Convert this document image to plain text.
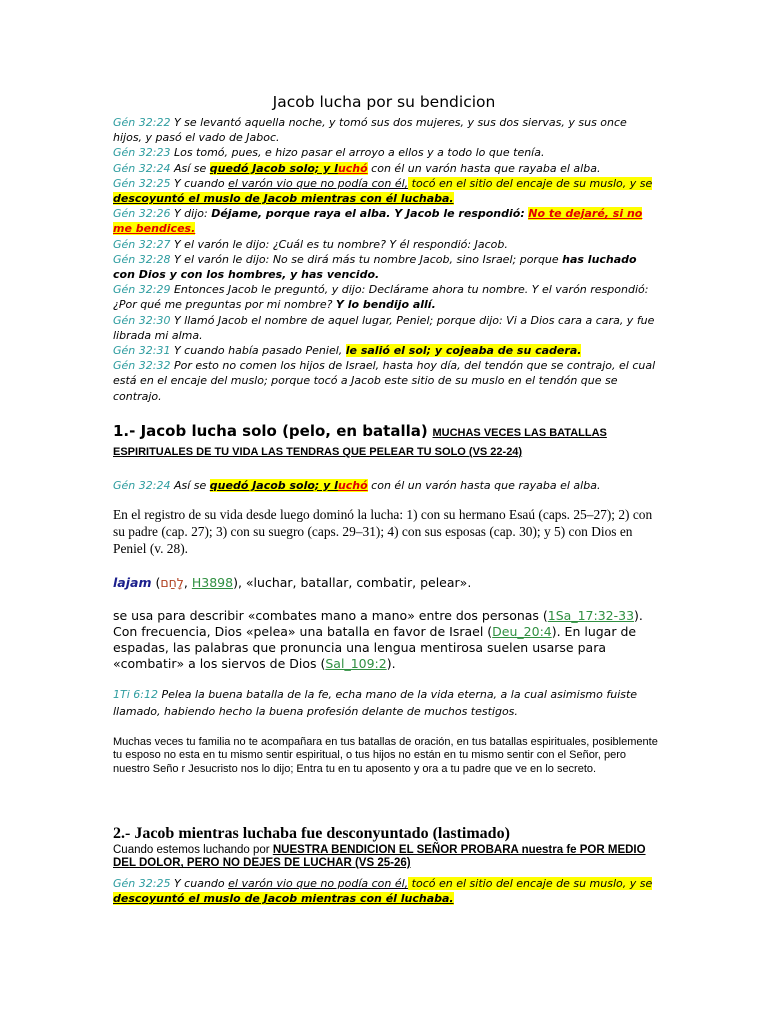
Jacob lucha por su bendicion

Gén 32:22 Y se levantó aquella noche, y tomó sus dos mujeres, y sus dos siervas, y sus once hijos, y pasó el vado de Jaboc.

Gén 32:23 Los tomó, pues, e hizo pasar el arroyo a ellos y a todo lo que tenía.

Gén 32:24 Así se quedó Jacob solo; y luchó con él un varón hasta que rayaba el alba.

Gén 32:25 Y cuando el varón vio que no podía con él, tocó en el sitio del encaje de su muslo, y se descoyuntó el muslo de Jacob mientras con él luchaba.

Gén 32:26 Y dijo: Déjame, porque raya el alba. Y Jacob le respondió: No te dejaré, si no me bendices.

Gén 32:27 Y el varón le dijo: ¿Cuál es tu nombre? Y él respondió: Jacob.

Gén 32:28 Y el varón le dijo: No se dirá más tu nombre Jacob, sino Israel; porque has luchado con Dios y con los hombres, y has vencido.

Gén 32:29 Entonces Jacob le preguntó, y dijo: Declárame ahora tu nombre. Y el varón respondió: ¿Por qué me preguntas por mi nombre? Y lo bendijo allí.

Gén 32:30 Y llamó Jacob el nombre de aquel lugar, Peniel; porque dijo: Vi a Dios cara a cara, y fue librada mi alma.

Gén 32:31 Y cuando había pasado Peniel, le salió el sol; y cojeaba de su cadera.

Gén 32:32 Por esto no comen los hijos de Israel, hasta hoy día, del tendón que se contrajo, el cual está en el encaje del muslo; porque tocó a Jacob este sitio de su muslo en el tendón que se contrajo.

1.- Jacob lucha solo (pelo, en batalla) MUCHAS VECES LAS BATALLAS ESPIRITUALES DE TU VIDA LAS TENDRAS QUE PELEAR TU SOLO (VS 22-24)

Gén 32:24 Así se quedó Jacob solo; y luchó con él un varón hasta que rayaba el alba.

En el registro de su vida desde luego dominó la lucha: 1) con su hermano Esaú (caps. 25–27); 2) con su padre (cap. 27); 3) con su suegro (caps. 29–31); 4) con sus esposas (cap. 30); y 5) con Dios en Peniel (v. 28).

lajam (לָחַם, H3898), «luchar, batallar, combatir, pelear».

se usa para describir «combates mano a mano» entre dos personas (1Sa_17:32-33). Con frecuencia, Dios «pelea» una batalla en favor de Israel (Deu_20:4). En lugar de espadas, las palabras que pronuncia una lengua mentirosa suelen usarse para «combatir» a los siervos de Dios (Sal_109:2).

1Ti 6:12 Pelea la buena batalla de la fe, echa mano de la vida eterna, a la cual asimismo fuiste llamado, habiendo hecho la buena profesión delante de muchos testigos.

Muchas veces tu familia no te acompañara en tus batallas de oración, en tus batallas espirituales, posiblemente tu esposo no esta en tu mismo sentir espiritual, o tus hijos no están en tu mismo sentir con el Señor, pero nuestro Seño r Jesucristo nos lo dijo; Entra tu en tu aposento y ora a tu padre que ve en lo secreto.

2.- Jacob mientras luchaba fue desconyuntado (lastimado)

Cuando estemos luchando por NUESTRA BENDICION EL SEÑOR PROBARA nuestra fe POR MEDIO DEL DOLOR, PERO NO DEJES DE LUCHAR (VS 25-26)

Gén 32:25 Y cuando el varón vio que no podía con él, tocó en el sitio del encaje de su muslo, y se descoyuntó el muslo de Jacob mientras con él luchaba.
